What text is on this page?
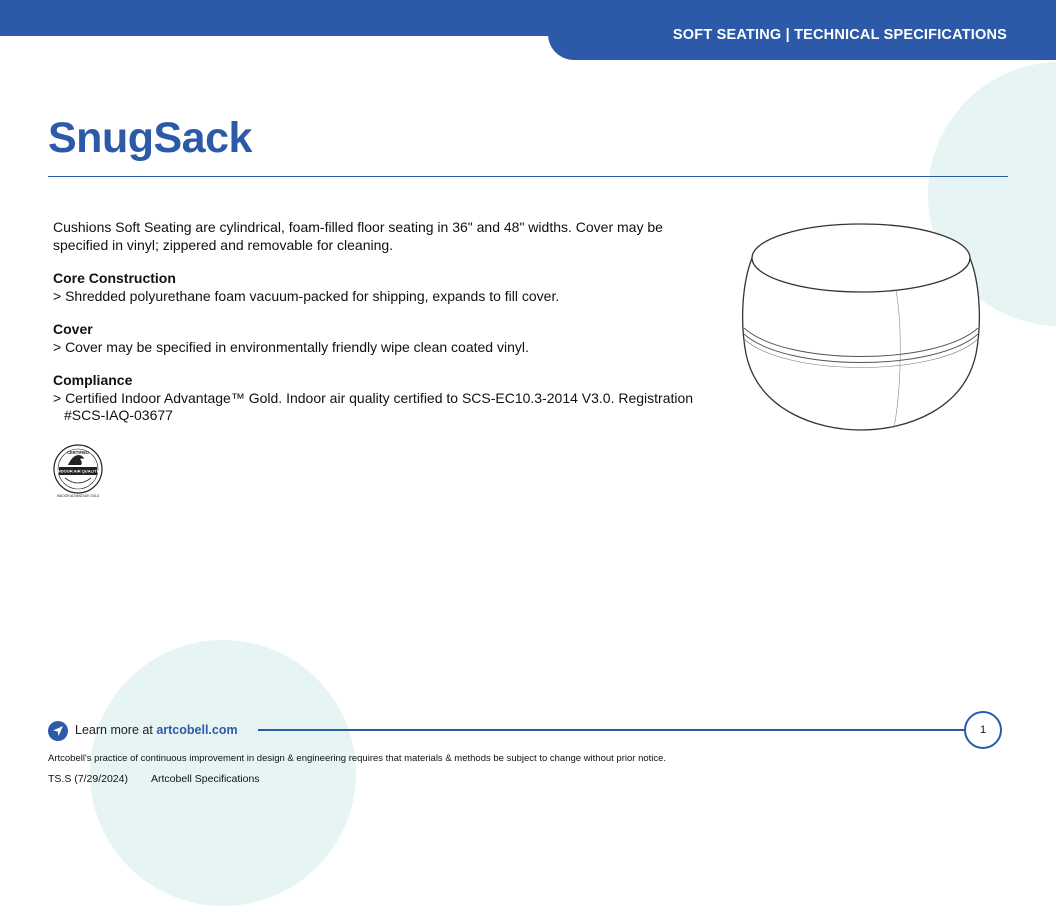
SOFT SEATING | TECHNICAL SPECIFICATIONS
SnugSack

Cushions Soft Seating are cylindrical, foam-filled floor seating in 36" and 48" widths. Cover may be specified in vinyl; zippered and removable for cleaning.

Core Construction

> Shredded polyurethane foam vacuum-packed for shipping, expands to fill cover.

Cover

> Cover may be specified in environmentally friendly wipe clean coated vinyl.

Compliance

> Certified Indoor Advantage™ Gold. Indoor air quality certified to SCS-EC10.3-2014 V3.0. Registration #SCS-IAQ-03677

CERTIFIED
INDOOR AIR QUALITY
INDOOR ADVANTAGE GOLD
Learn more at artcobell.com	1
Artcobell's practice of continuous improvement in design & engineering requires that materials & methods be subject to change without prior notice.
TS.S (7/29/2024) Artcobell Specifications
